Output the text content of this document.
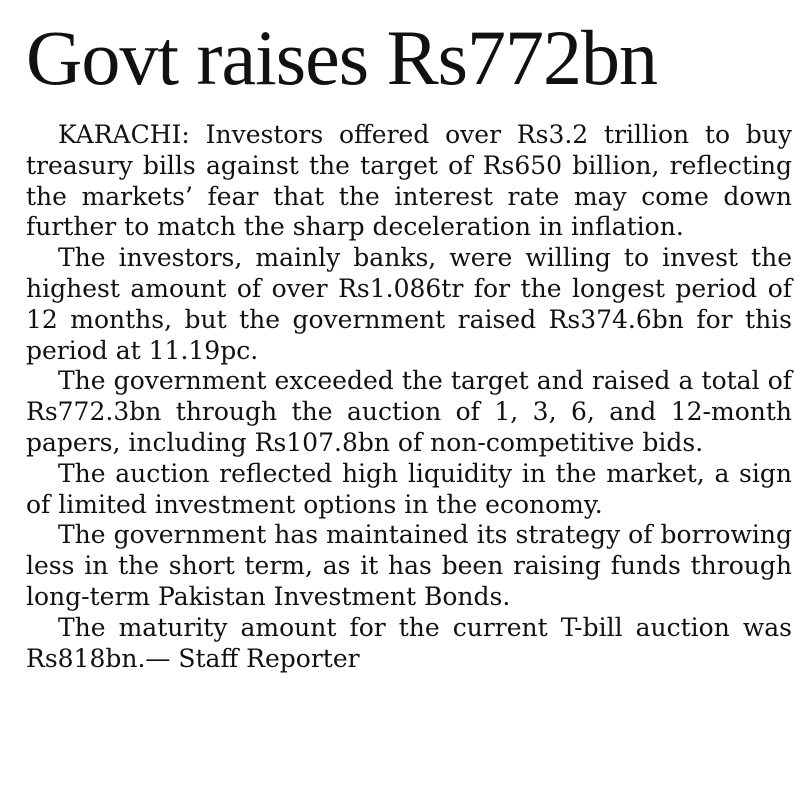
Govt raises Rs772bn

KARACHI: Investors offered over Rs3.2 trillion to buy treasury bills against the target of Rs650 billion, reflecting the markets’ fear that the interest rate may come down further to match the sharp deceleration in inflation.

The investors, mainly banks, were willing to invest the highest amount of over Rs1.086tr for the longest period of 12 months, but the government raised Rs374.6bn for this period at 11.19pc.

The government exceeded the target and raised a total of Rs772.3bn through the auction of 1, 3, 6, and 12-month papers, including Rs107.8bn of non-competitive bids.

The auction reflected high liquidity in the market, a sign of limited investment options in the economy.

The government has maintained its strategy of borrowing less in the short term, as it has been raising funds through long-term Pakistan Investment Bonds.

The maturity amount for the current T-bill auction was Rs818bn.— Staff Reporter
